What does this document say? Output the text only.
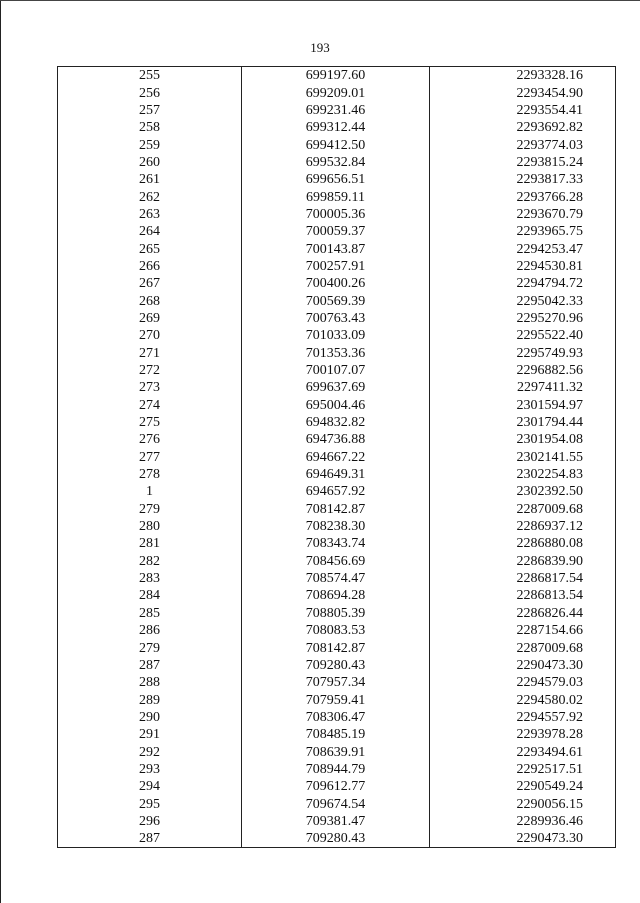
193
255	699197.60	2293328.16
256	699209.01	2293454.90
257	699231.46	2293554.41
258	699312.44	2293692.82
259	699412.50	2293774.03
260	699532.84	2293815.24
261	699656.51	2293817.33
262	699859.11	2293766.28
263	700005.36	2293670.79
264	700059.37	2293965.75
265	700143.87	2294253.47
266	700257.91	2294530.81
267	700400.26	2294794.72
268	700569.39	2295042.33
269	700763.43	2295270.96
270	701033.09	2295522.40
271	701353.36	2295749.93
272	700107.07	2296882.56
273	699637.69	2297411.32
274	695004.46	2301594.97
275	694832.82	2301794.44
276	694736.88	2301954.08
277	694667.22	2302141.55
278	694649.31	2302254.83
1	694657.92	2302392.50
279	708142.87	2287009.68
280	708238.30	2286937.12
281	708343.74	2286880.08
282	708456.69	2286839.90
283	708574.47	2286817.54
284	708694.28	2286813.54
285	708805.39	2286826.44
286	708083.53	2287154.66
279	708142.87	2287009.68
287	709280.43	2290473.30
288	707957.34	2294579.03
289	707959.41	2294580.02
290	708306.47	2294557.92
291	708485.19	2293978.28
292	708639.91	2293494.61
293	708944.79	2292517.51
294	709612.77	2290549.24
295	709674.54	2290056.15
296	709381.47	2289936.46
287	709280.43	2290473.30
